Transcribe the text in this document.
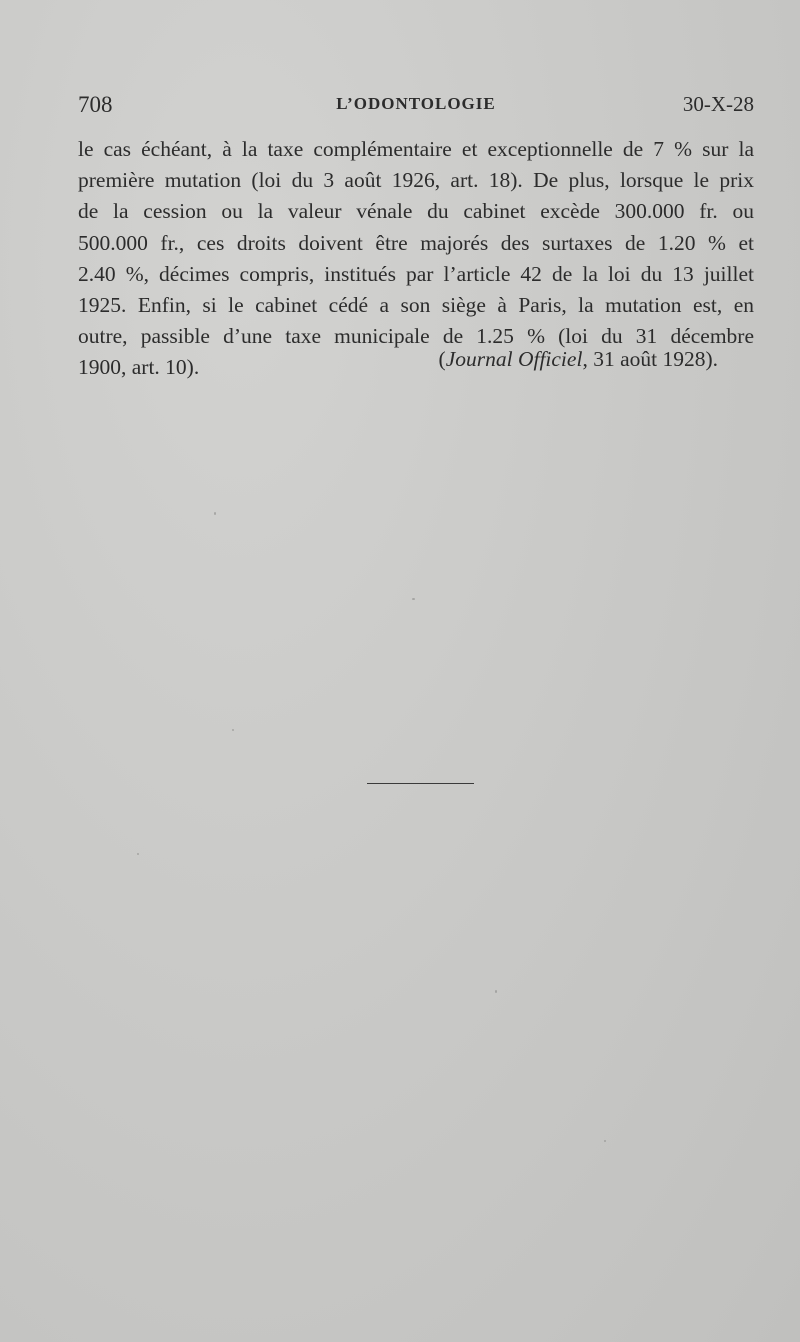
708	L’ODONTOLOGIE	30-X-28
le cas échéant, à la taxe complémentaire et exceptionnelle de 7 % sur la
première mutation (loi du 3 août 1926, art. 18). De plus, lorsque le prix
de la cession ou la valeur vénale du cabinet excède 300.000 fr. ou
500.000 fr., ces droits doivent être majorés des surtaxes de 1.20 % et
2.40 %, décimes compris, institués par l’article 42 de la loi du 13 juillet
1925. Enfin, si le cabinet cédé a son siège à Paris, la mutation est, en
outre, passible d’une taxe municipale de 1.25 % (loi du 31 décembre
1900, art. 10).	(Journal Officiel, 31 août 1928).
